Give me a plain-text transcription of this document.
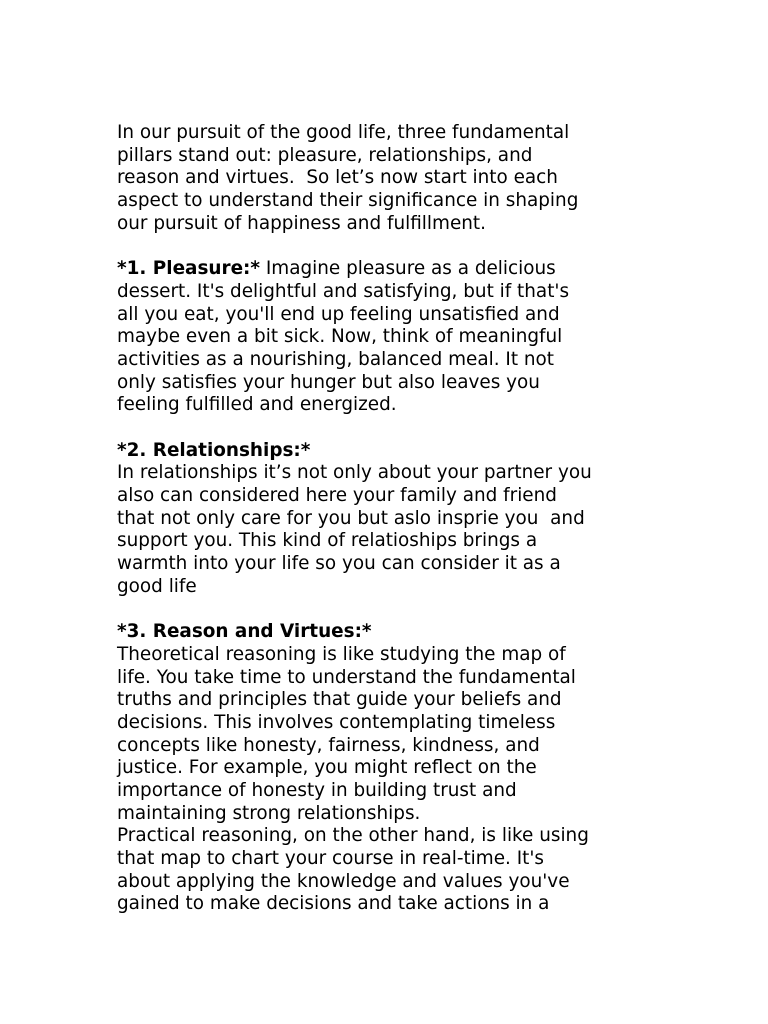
In our pursuit of the good life, three fundamental
pillars stand out: pleasure, relationships, and
reason and virtues.  So let’s now start into each
aspect to understand their significance in shaping
our pursuit of happiness and fulfillment.
*1. Pleasure:* Imagine pleasure as a delicious
dessert. It's delightful and satisfying, but if that's
all you eat, you'll end up feeling unsatisfied and
maybe even a bit sick. Now, think of meaningful
activities as a nourishing, balanced meal. It not
only satisfies your hunger but also leaves you
feeling fulfilled and energized.
*2. Relationships:*
In relationships it’s not only about your partner you
also can considered here your family and friend
that not only care for you but aslo insprie you  and
support you. This kind of relatioships brings a
warmth into your life so you can consider it as a
good life
*3. Reason and Virtues:*
Theoretical reasoning is like studying the map of
life. You take time to understand the fundamental
truths and principles that guide your beliefs and
decisions. This involves contemplating timeless
concepts like honesty, fairness, kindness, and
justice. For example, you might reflect on the
importance of honesty in building trust and
maintaining strong relationships.
Practical reasoning, on the other hand, is like using
that map to chart your course in real-time. It's
about applying the knowledge and values you've
gained to make decisions and take actions in a
